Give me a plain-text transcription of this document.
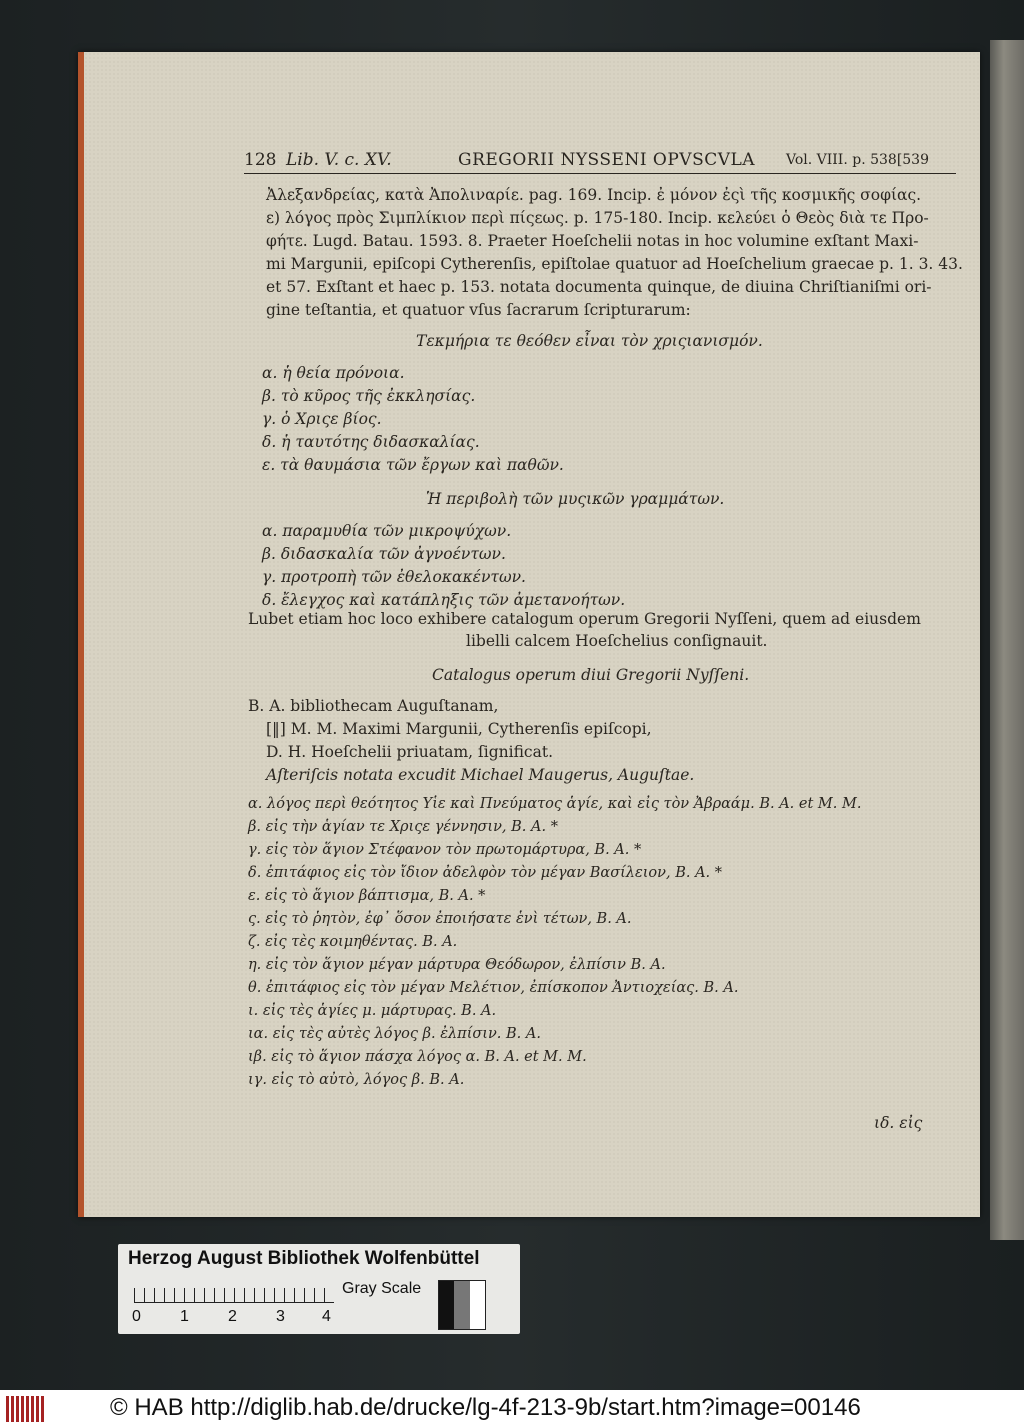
128 Lib. V. c. XV.	GREGORII NYSSENI OPVSCVLA Vol. VIII. p. 538[539
Ἀλεξανδρείας, κατὰ Ἀπολιναρίε. pag. 169. Incip. ἐ μόνον ἐςὶ τῆς κοσμικῆς σοφίας.
ε) λόγος πρὸς Σιμπλίκιον περὶ πίςεως. p. 175-180. Incip. κελεύει ὁ Θεὸς διὰ τε Προ-
φήτε. Lugd. Batau. 1593. 8. Praeter Hoeſchelii notas in hoc volumine exſtant Maxi-
mi Margunii, epiſcopi Cytherenſis, epiſtolae quatuor ad Hoeſchelium graecae p. 1. 3. 43.
et 57. Exſtant et haec p. 153. notata documenta quinque, de diuina Chriſtianiſmi ori-
gine teſtantia, et quatuor vſus ſacrarum ſcripturarum:
Τεκμήρια τε θεόθεν εἶναι τὸν χριςιανισμόν.
α. ἡ θεία πρόνοια.
β. τὸ κῦρος τῆς ἐκκλησίας.
γ. ὁ Χριςε βίος.
δ. ἡ ταυτότης διδασκαλίας.
ε. τὰ θαυμάσια τῶν ἔργων καὶ παθῶν.
Ἡ περιβολὴ τῶν μυςικῶν γραμμάτων.
α. παραμυθία τῶν μικροψύχων.
β. διδασκαλία τῶν ἀγνοέντων.
γ. προτροπὴ τῶν ἐθελοκακέντων.
δ. ἔλεγχος καὶ κατάπληξις τῶν ἀμετανοήτων.
Lubet etiam hoc loco exhibere catalogum operum Gregorii Nyſſeni, quem ad eiusdem
libelli calcem Hoeſchelius conſignauit.
Catalogus operum diui Gregorii Nyſſeni.
B. A. bibliothecam Auguſtanam,
[‖] M. M. Maximi Margunii, Cytherenſis epiſcopi,
D. H. Hoeſchelii priuatam, ſignificat.
Aſteriſcis notata excudit Michael Maugerus, Auguſtae.
α. λόγος περὶ θεότητος Υἱε καὶ Πνεύματος ἁγίε, καὶ εἰς τὸν Ἀβραάμ. B. A. et M. M.
β. εἰς τὴν ἁγίαν τε Χριςε γέννησιν, B. A. *
γ. εἰς τὸν ἅγιον Στέφανον τὸν πρωτομάρτυρα, B. A. *
δ. ἐπιτάφιος εἰς τὸν ἴδιον ἀδελφὸν τὸν μέγαν Βασίλειον, B. A. *
ε. εἰς τὸ ἅγιον βάπτισμα, B. A. *
ς. εἰς τὸ ῥητὸν, ἐφ᾽ ὅσον ἐποιήσατε ἑνὶ τέτων, B. A.
ζ. εἰς τὲς κοιμηθέντας. B. A.
η. εἰς τὸν ἅγιον μέγαν μάρτυρα Θεόδωρον, ἐλπίσιν B. A.
θ. ἐπιτάφιος εἰς τὸν μέγαν Μελέτιον, ἐπίσκοπον Ἀντιοχείας. B. A.
ι. εἰς τὲς ἁγίες μ. μάρτυρας. B. A.
ια. εἰς τὲς αὐτὲς λόγος β. ἐλπίσιν. B. A.
ιβ. εἰς τὸ ἅγιον πάσχα λόγος α. B. A. et M. M.
ιγ. εἰς τὸ αὐτὸ, λόγος β. B. A.
ιδ. εἰς
Herzog August Bibliothek Wolfenbüttel
0 1 2 3 4
Gray Scale
© HAB http://diglib.hab.de/drucke/lg-4f-213-9b/start.htm?image=00146
